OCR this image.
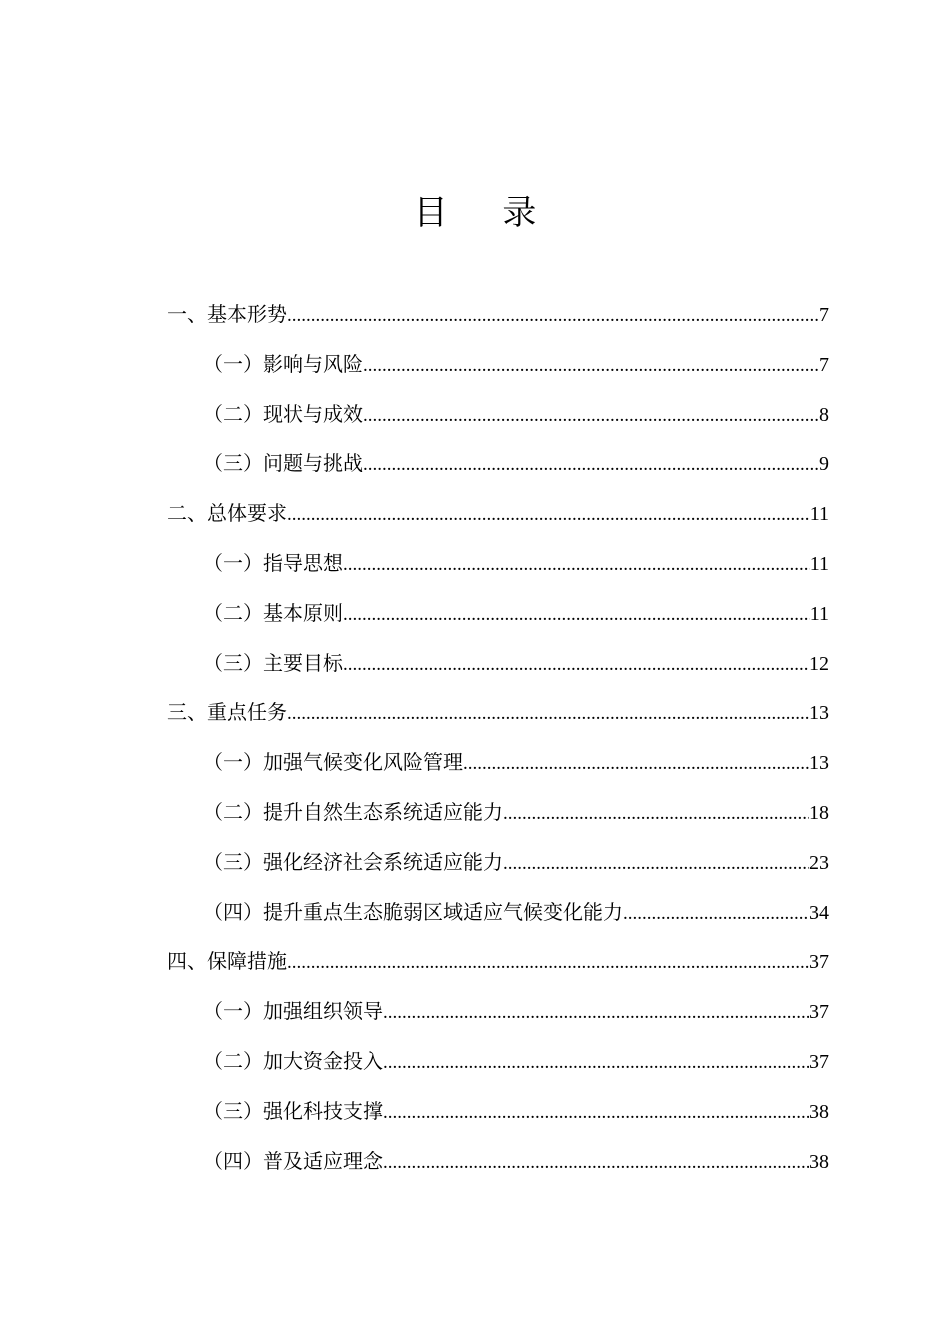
目 录
一、基本形势 .....	7
（一）影响与风险 .....	7
（二）现状与成效 .....	8
（三）问题与挑战 .....	9
二、总体要求 .....	11
（一）指导思想 .....	11
（二）基本原则 .....	11
（三）主要目标 .....	12
三、重点任务 .....	13
（一）加强气候变化风险管理 .....	13
（二）提升自然生态系统适应能力 .....	18
（三）强化经济社会系统适应能力 .....	23
（四）提升重点生态脆弱区域适应气候变化能力 .....	34
四、保障措施 .....	37
（一）加强组织领导 .....	37
（二）加大资金投入 .....	37
（三）强化科技支撑 .....	38
（四）普及适应理念 .....	38
